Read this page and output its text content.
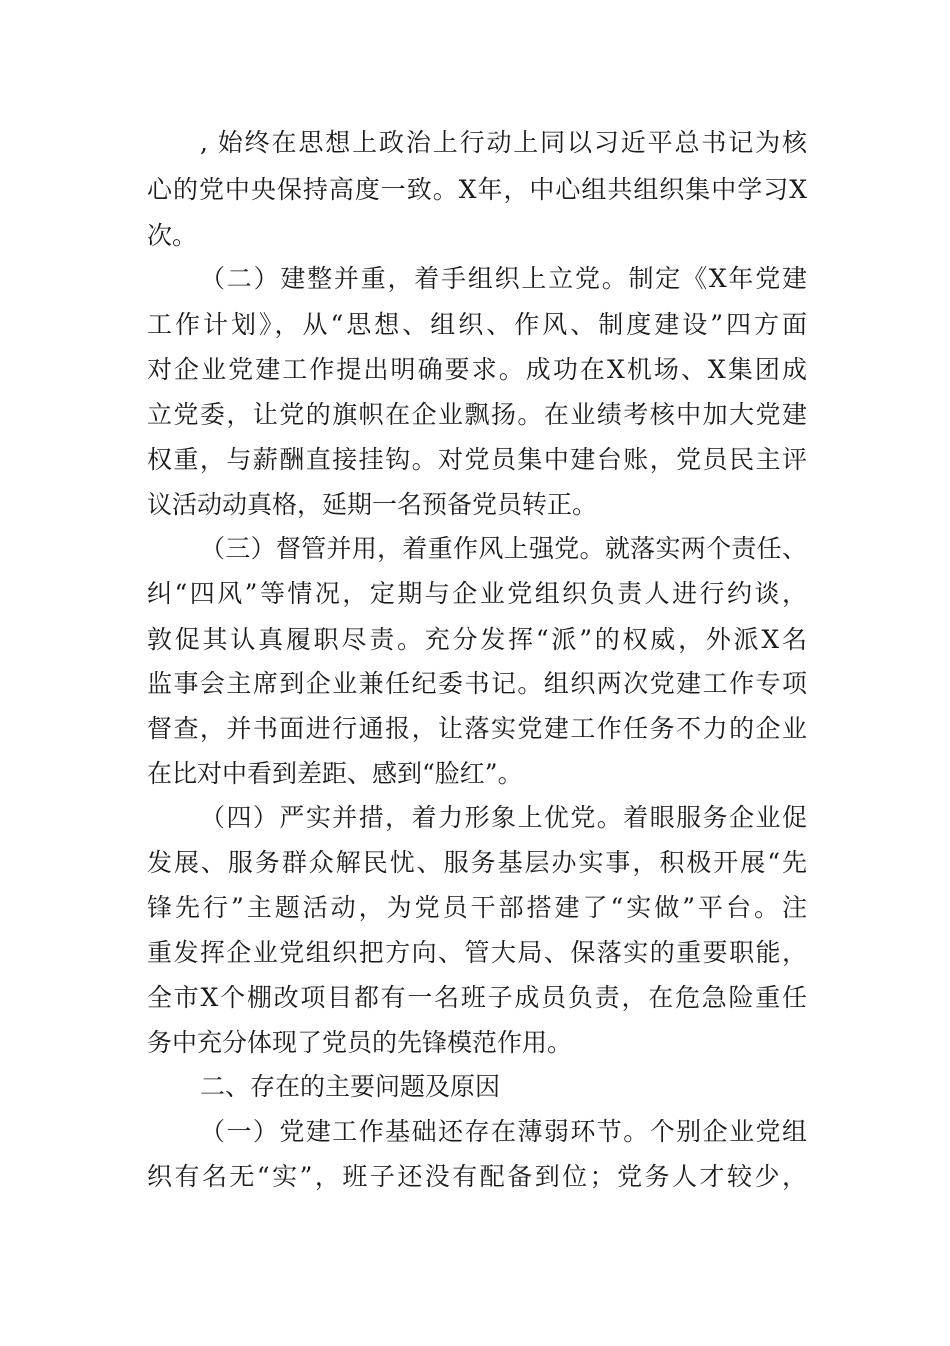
, 始终在思想上政治上行动上同以习近平总书记为核
心的党中央保持高度一致。X年，中心组共组织集中学习X
次。
（二）建整并重，着手组织上立党。制定《X年党建
工作计划》，从“思想、组织、作风、制度建设”四方面
对企业党建工作提出明确要求。成功在X机场、X集团成
立党委，让党的旗帜在企业飘扬。在业绩考核中加大党建
权重，与薪酬直接挂钩。对党员集中建台账，党员民主评
议活动动真格，延期一名预备党员转正。
（三）督管并用，着重作风上强党。就落实两个责任、
纠“四风”等情况，定期与企业党组织负责人进行约谈，
敦促其认真履职尽责。充分发挥“派”的权威，外派X名
监事会主席到企业兼任纪委书记。组织两次党建工作专项
督查，并书面进行通报，让落实党建工作任务不力的企业
在比对中看到差距、感到“脸红”。
（四）严实并措，着力形象上优党。着眼服务企业促
发展、服务群众解民忧、服务基层办实事，积极开展“先
锋先行”主题活动，为党员干部搭建了“实做”平台。注
重发挥企业党组织把方向、管大局、保落实的重要职能，
全市X个棚改项目都有一名班子成员负责，在危急险重任
务中充分体现了党员的先锋模范作用。
二、存在的主要问题及原因
（一）党建工作基础还存在薄弱环节。个别企业党组
织有名无“实”，班子还没有配备到位；党务人才较少，
